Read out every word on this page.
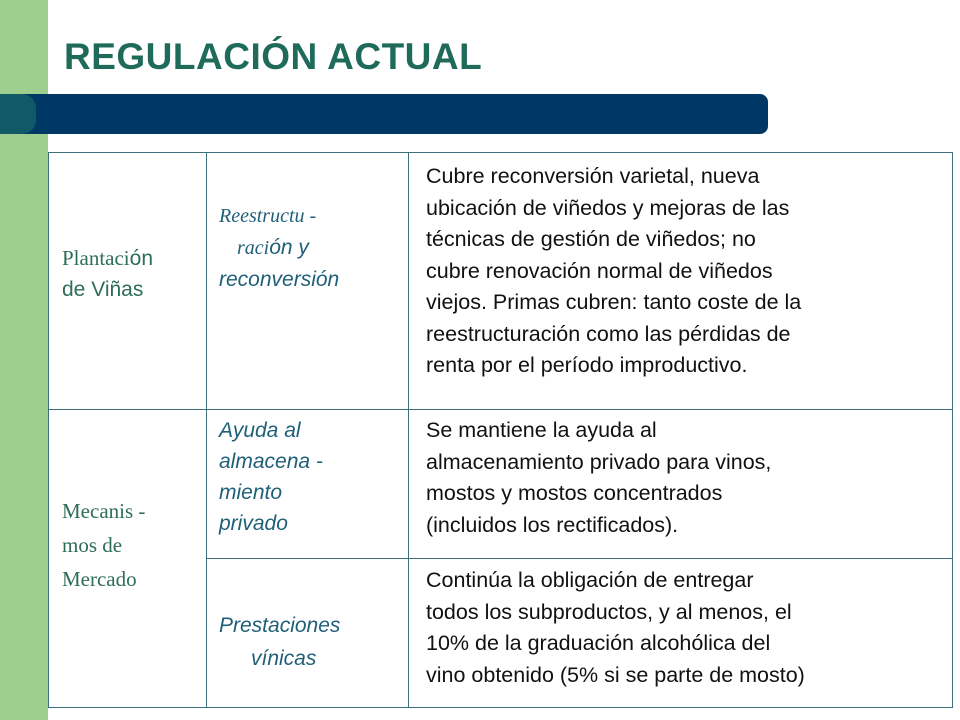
REGULACIÓN ACTUAL
Plantación
de Viñas
Reestructu -
ración y
reconversión
Cubre reconversión varietal, nueva
ubicación de viñedos y mejoras de las
técnicas de gestión de viñedos; no
cubre renovación normal de viñedos
viejos. Primas cubren: tanto coste de la
reestructuración como las pérdidas de
renta por el período improductivo.
Mecanis -
mos de
Mercado
Ayuda al
almacena -
miento
privado
Se mantiene la ayuda al
almacenamiento privado para vinos,
mostos y mostos concentrados
(incluidos los rectificados).
Prestaciones
vínicas
Continúa la obligación de entregar
todos los subproductos, y al menos, el
10% de la graduación alcohólica del
vino obtenido (5% si se parte de mosto)
